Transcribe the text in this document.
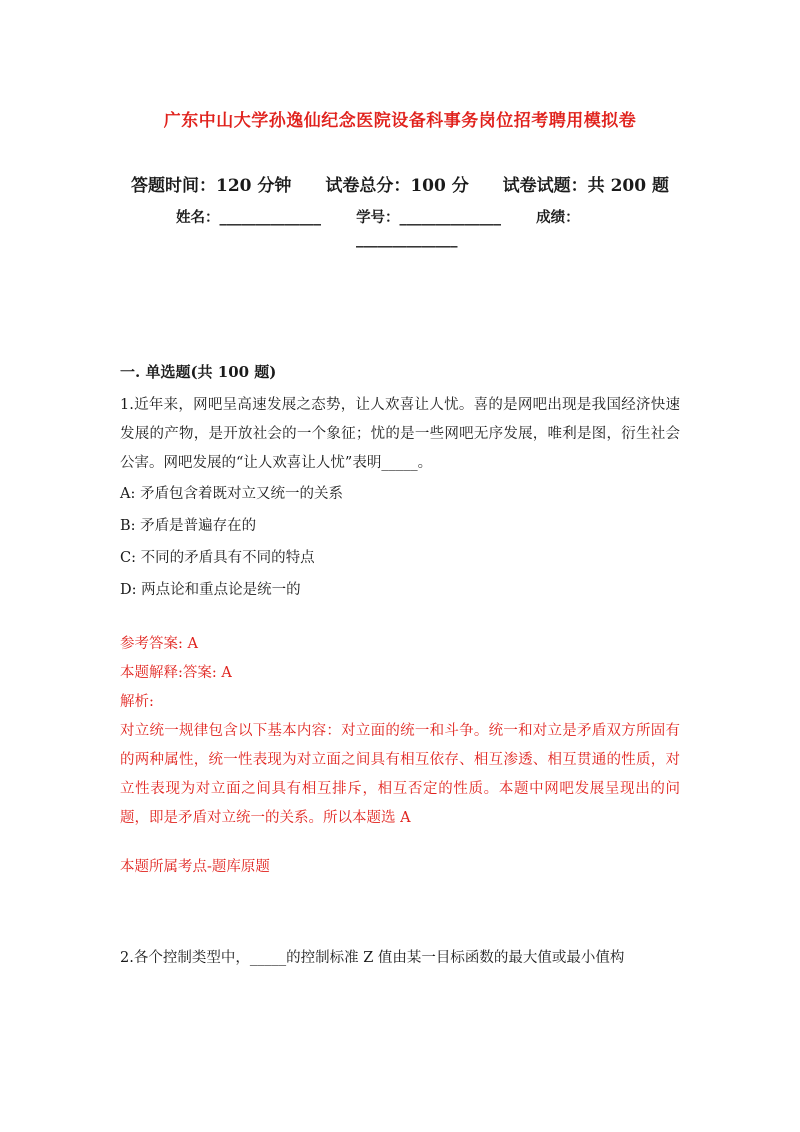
广东中山大学孙逸仙纪念医院设备科事务岗位招考聘用模拟卷
答题时间：120 分钟 试卷总分：100 分 试卷试题：共 200 题
姓名：______________ 学号：______________ 成绩：
______________
一. 单选题(共 100 题)
1.近年来，网吧呈高速发展之态势，让人欢喜让人忧。喜的是网吧出现是我国经济快速发展的产物，是开放社会的一个象征；忧的是一些网吧无序发展，唯利是图，衍生社会公害。网吧发展的“让人欢喜让人忧”表明_____。
A: 矛盾包含着既对立又统一的关系
B: 矛盾是普遍存在的
C: 不同的矛盾具有不同的特点
D: 两点论和重点论是统一的
参考答案: A
本题解释:答案: A
解析:
对立统一规律包含以下基本内容：对立面的统一和斗争。统一和对立是矛盾双方所固有的两种属性，统一性表现为对立面之间具有相互依存、相互渗透、相互贯通的性质，对立性表现为对立面之间具有相互排斥，相互否定的性质。本题中网吧发展呈现出的问题，即是矛盾对立统一的关系。所以本题选 A
本题所属考点-题库原题
2.各个控制类型中，_____的控制标准 Z 值由某一目标函数的最大值或最小值构
